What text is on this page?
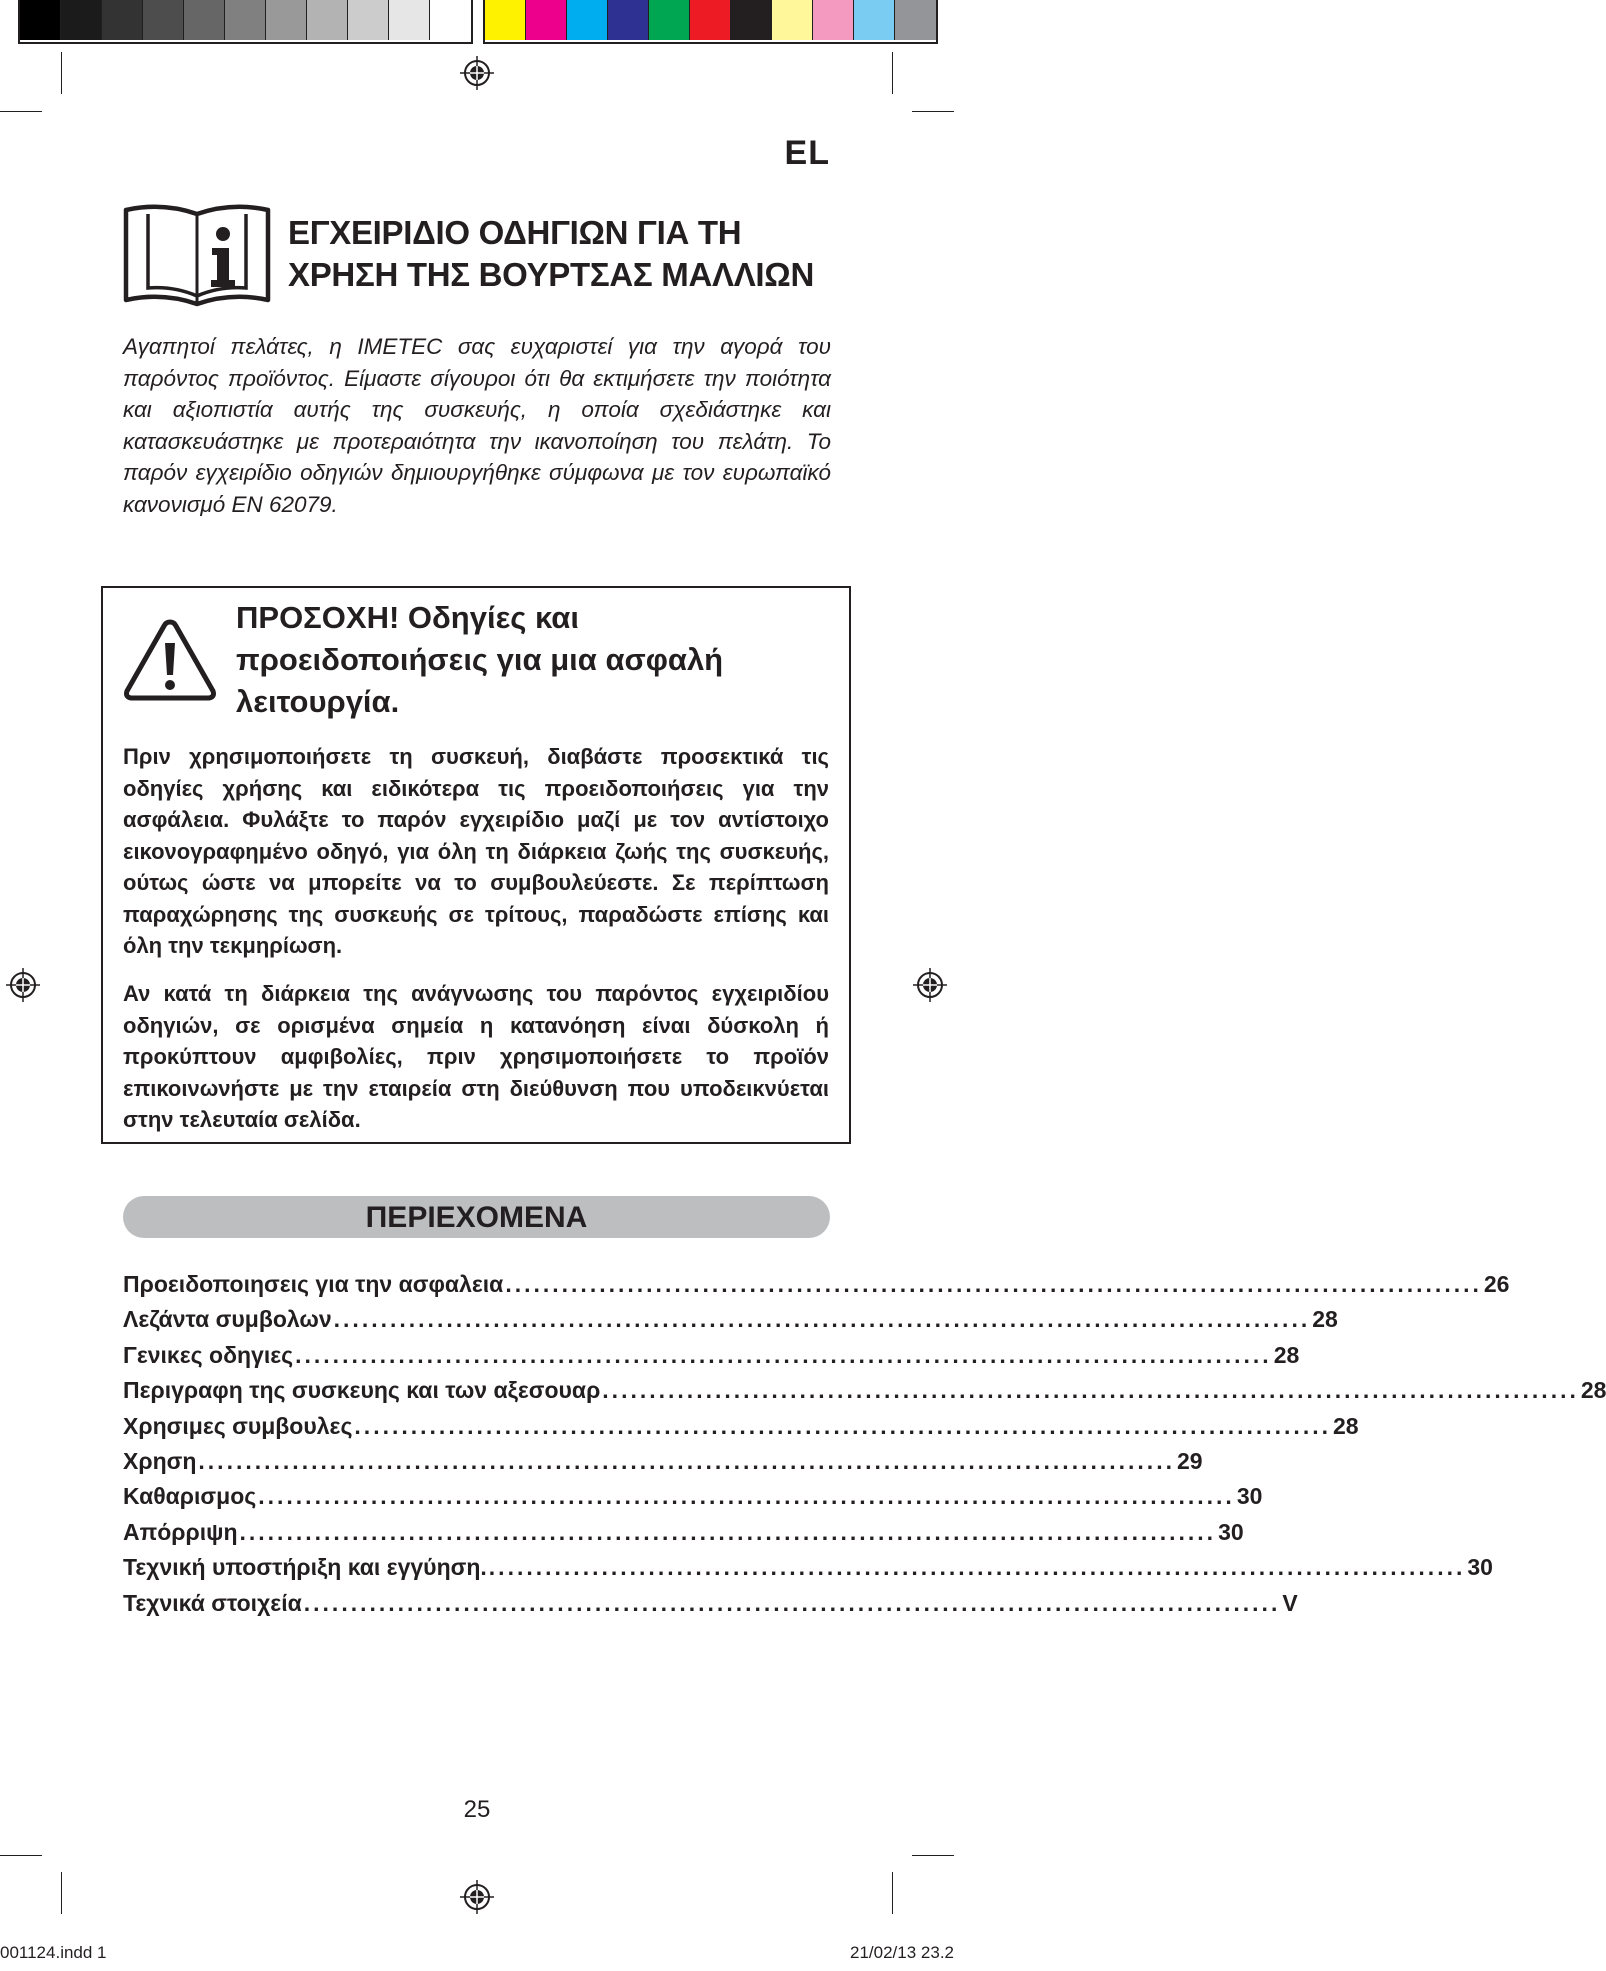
EL
ΕΓΧΕΙΡΙΔΙΟ ΟΔΗΓΙΩΝ ΓΙΑ ΤΗ
ΧΡΗΣΗ ΤΗΣ ΒΟΥΡΤΣΑΣ ΜΑΛΛΙΩΝ
Αγαπητοί πελάτες, η IMETEC σας ευχαριστεί για την αγορά του παρόντος προϊόντος. Είμαστε σίγουροι ότι θα εκτιμήσετε την ποιότητα και αξιοπιστία αυτής της συσκευής, η οποία σχεδιάστηκε και κατασκευάστηκε με προτεραιότητα την ικανοποίηση του πελάτη. Το παρόν εγχειρίδιο οδηγιών δημιουργήθηκε σύμφωνα με τον ευρωπαϊκό κανονισμό EN 62079.
ΠΡΟΣΟΧΗ! Οδηγίες και
προειδοποιήσεις για μια ασφαλή
λειτουργία.
Πριν χρησιμοποιήσετε τη συσκευή, διαβάστε προσεκτικά τις οδηγίες χρήσης και ειδικότερα τις προειδοποιήσεις για την ασφάλεια. Φυλάξτε το παρόν εγχειρίδιο μαζί με τον αντίστοιχο εικονογραφημένο οδηγό, για όλη τη διάρκεια ζωής της συσκευής, ούτως ώστε να μπορείτε να το συμβουλεύεστε. Σε περίπτωση παραχώρησης της συσκευής σε τρίτους, παραδώστε επίσης και όλη την τεκμηρίωση.
Αν κατά τη διάρκεια της ανάγνωσης του παρόντος εγχειριδίου οδηγιών, σε ορισμένα σημεία η κατανόηση είναι δύσκολη ή προκύπτουν αμφιβολίες, πριν χρησιμοποιήσετε το προϊόν επικοινωνήστε με την εταιρεία στη διεύθυνση που υποδεικνύεται στην τελευταία σελίδα.
ΠΕΡΙΕΧΟΜΕΝΑ
Προειδοποιησεις για την ασφαλεια ........................................................................................................ 26
Λεζάντα συμβολων ........................................................................................................ 28
Γενικες οδηγιες ........................................................................................................ 28
Περιγραφη της συσκευης και των αξεσουαρ ........................................................................................................ 28
Χρησιμες συμβουλες ........................................................................................................ 28
Χρηση ........................................................................................................ 29
Καθαρισμος ........................................................................................................ 30
Απόρριψη ........................................................................................................ 30
Τεχνική υποστήριξη και εγγύηση. ........................................................................................................ 30
Τεχνικά στοιχεία ........................................................................................................ V
25
001124.indd 1	21/02/13 23.2
